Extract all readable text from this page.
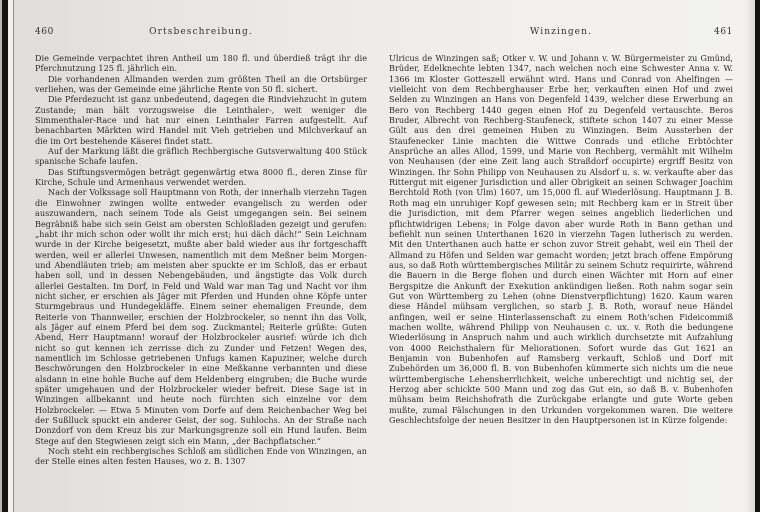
460	Ortsbeschreibung.

Die Gemeinde verpachtet ihren Antheil um 180 fl. und überdieß trägt ihr die Pferchnutzung 125 fl. jährlich ein.

Die vorhandenen Allmanden werden zum größten Theil an die Ortsbürger verliehen, was der Gemeinde eine jährliche Rente von 50 fl. sichert.

Die Pferdezucht ist ganz unbedeutend, dagegen die Rindviehzucht in gutem Zustande; man hält vorzugsweise die Leinthaler-, weit weniger die Simmenthaler-Race und hat nur einen Leinthaler Farren aufgestellt. Auf benachbarten Märkten wird Handel mit Vieh getrieben und Milchverkauf an die im Ort bestehende Käserei findet statt.

Auf der Markung läßt die gräflich Rechbergische Gutsverwaltung 400 Stück spanische Schafe laufen.

Das Stiftungsvermögen beträgt gegenwärtig etwa 8000 fl., deren Zinse für Kirche, Schule und Armenhaus verwendet werden.

Nach der Volkssage soll Hauptmann von Roth, der innerhalb vierzehn Tagen die Einwohner zwingen wollte entweder evangelisch zu werden oder auszuwandern, nach seinem Tode als Geist umgegangen sein. Bei seinem Begräbniß habe sich sein Geist am obersten Schloßladen gezeigt und gerufen: „habt ihr mich schon oder wollt ihr mich erst; hui däch däch!“ Sein Leichnam wurde in der Kirche beigesetzt, mußte aber bald wieder aus ihr fortgeschafft werden, weil er allerlei Unwesen, namentlich mit dem Meßner beim Morgen- und Abendläuten trieb; am meisten aber spuckte er im Schloß, das er erbaut haben soll, und in dessen Nebengebäuden, und ängstigte das Volk durch allerlei Gestalten. Im Dorf, in Feld und Wald war man Tag und Nacht vor ihm nicht sicher, er erschien als Jäger mit Pferden und Hunden ohne Köpfe unter Sturmgebraus und Hundegekläffe. Einem seiner ehemaligen Freunde, dem Reiterle von Thannweiler, erschien der Holzbrockeler, so nennt ihn das Volk, als Jäger auf einem Pferd bei dem sog. Zuckmantel; Reiterle grüßte: Guten Abend, Herr Hauptmann! worauf der Holzbrockeler ausrief: würde ich dich nicht so gut kennen ich zerrisse dich zu Zunder und Fetzen! Wegen des, namentlich im Schlosse getriebenen Unfugs kamen Kapuziner, welche durch Beschwörungen den Holzbrockeler in eine Meßkanne verbannten und diese alsdann in eine hohle Buche auf dem Heldenberg eingruben; die Buche wurde später umgehauen und der Holzbrockeler wieder befreit. Diese Sage ist in Winzingen allbekannt und heute noch fürchten sich einzelne vor dem Holzbrockeler. — Etwa 5 Minuten vom Dorfe auf dem Reichenbacher Weg bei der Sußlluck spuckt ein anderer Geist, der sog. Suhlochs. An der Straße nach Donzdorf von dem Kreuz bis zur Markungsgrenze soll ein Hund laufen. Beim Stege auf den Stegwiesen zeigt sich ein Mann, „der Bachpflatscher.“

Noch steht ein rechbergisches Schloß am südlichen Ende von Winzingen, an der Stelle eines alten festen Hauses, wo z. B. 1307

Winzingen.	461

Ulricus de Winzingen saß; Otker v. W. und Johann v. W. Bürgermeister zu Gmünd, Brüder, Edelknechte lebten 1347, nach welchen noch eine Schwester Anna v. W. 1366 im Kloster Gotteszell erwähnt wird. Hans und Conrad von Ahelfingen — vielleicht von dem Rechberghauser Erbe her, verkauften einen Hof und zwei Selden zu Winzingen an Hans von Degenfeld 1439, welcher diese Erwerbung an Bero von Rechberg 1440 gegen einen Hof zu Degenfeld vertauschte. Beros Bruder, Albrecht von Rechberg-Staufeneck, stiftete schon 1407 zu einer Messe Gült aus den drei gemeinen Huben zu Winzingen. Beim Aussterben der Staufenecker Linie machten die Wittwe Conrads und etliche Erbtöchter Ansprüche an alles Allod, 1599, und Marie von Rechberg, vermählt mit Wilhelm von Neuhausen (der eine Zeit lang auch Straßdorf occupirte) ergriff Besitz von Winzingen. Ihr Sohn Philipp von Neuhausen zu Alsdorf u. s. w. verkaufte aber das Rittergut mit eigener Jurisdiction und aller Obrigkeit an seinen Schwager Joachim Berchtold Roth (von Ulm) 1607, um 15,000 fl. auf Wiederlösung. Hauptmann J. B. Roth mag ein unruhiger Kopf gewesen sein; mit Rechberg kam er in Streit über die Jurisdiction, mit dem Pfarrer wegen seines angeblich liederlichen und pflichtwidrigen Lebens; in Folge davon aber wurde Roth in Bann gethan und befiehlt nun seinen Unterthanen 1620 in vierzehn Tagen lutherisch zu werden. Mit den Unterthanen auch hatte er schon zuvor Streit gehabt, weil ein Theil der Allmand zu Höfen und Selden war gemacht worden; jetzt brach offene Empörung aus, so daß Roth württembergisches Militär zu seinem Schutz requirirte, während die Bauern in die Berge flohen und durch einen Wächter mit Horn auf einer Bergspitze die Ankunft der Exekution ankündigen ließen. Roth nahm sogar sein Gut von Württemberg zu Lehen (ohne Dienstverpflichtung) 1620. Kaum waren diese Händel mühsam verglichen, so starb J. B. Roth, worauf neue Händel anfingen, weil er seine Hinterlassenschaft zu einem Roth'schen Fideicommiß machen wollte, während Philipp von Neuhausen c. ux. v. Roth die bedungene Wiederlösung in Anspruch nahm und auch wirklich durchsetzte mit Aufzahlung von 4000 Reichsthalern für Meliorationen. Sofort wurde das Gut 1621 an Benjamin von Bubenhofen auf Ramsberg verkauft, Schloß und Dorf mit Zubehörden um 36,000 fl. B. von Bubenhofen kümmerte sich nichts um die neue württembergische Lehensherrlichkeit, welche unberechtigt und nichtig sei, der Herzog aber schickte 500 Mann und zog das Gut ein, so daß B. v. Bubenhofen mühsam beim Reichshofrath die Zurückgabe erlangte und gute Worte geben mußte, zumal Fälschungen in den Urkunden vorgekommen waren. Die weitere Geschlechtsfolge der neuen Besitzer in den Hauptpersonen ist in Kürze folgende:
